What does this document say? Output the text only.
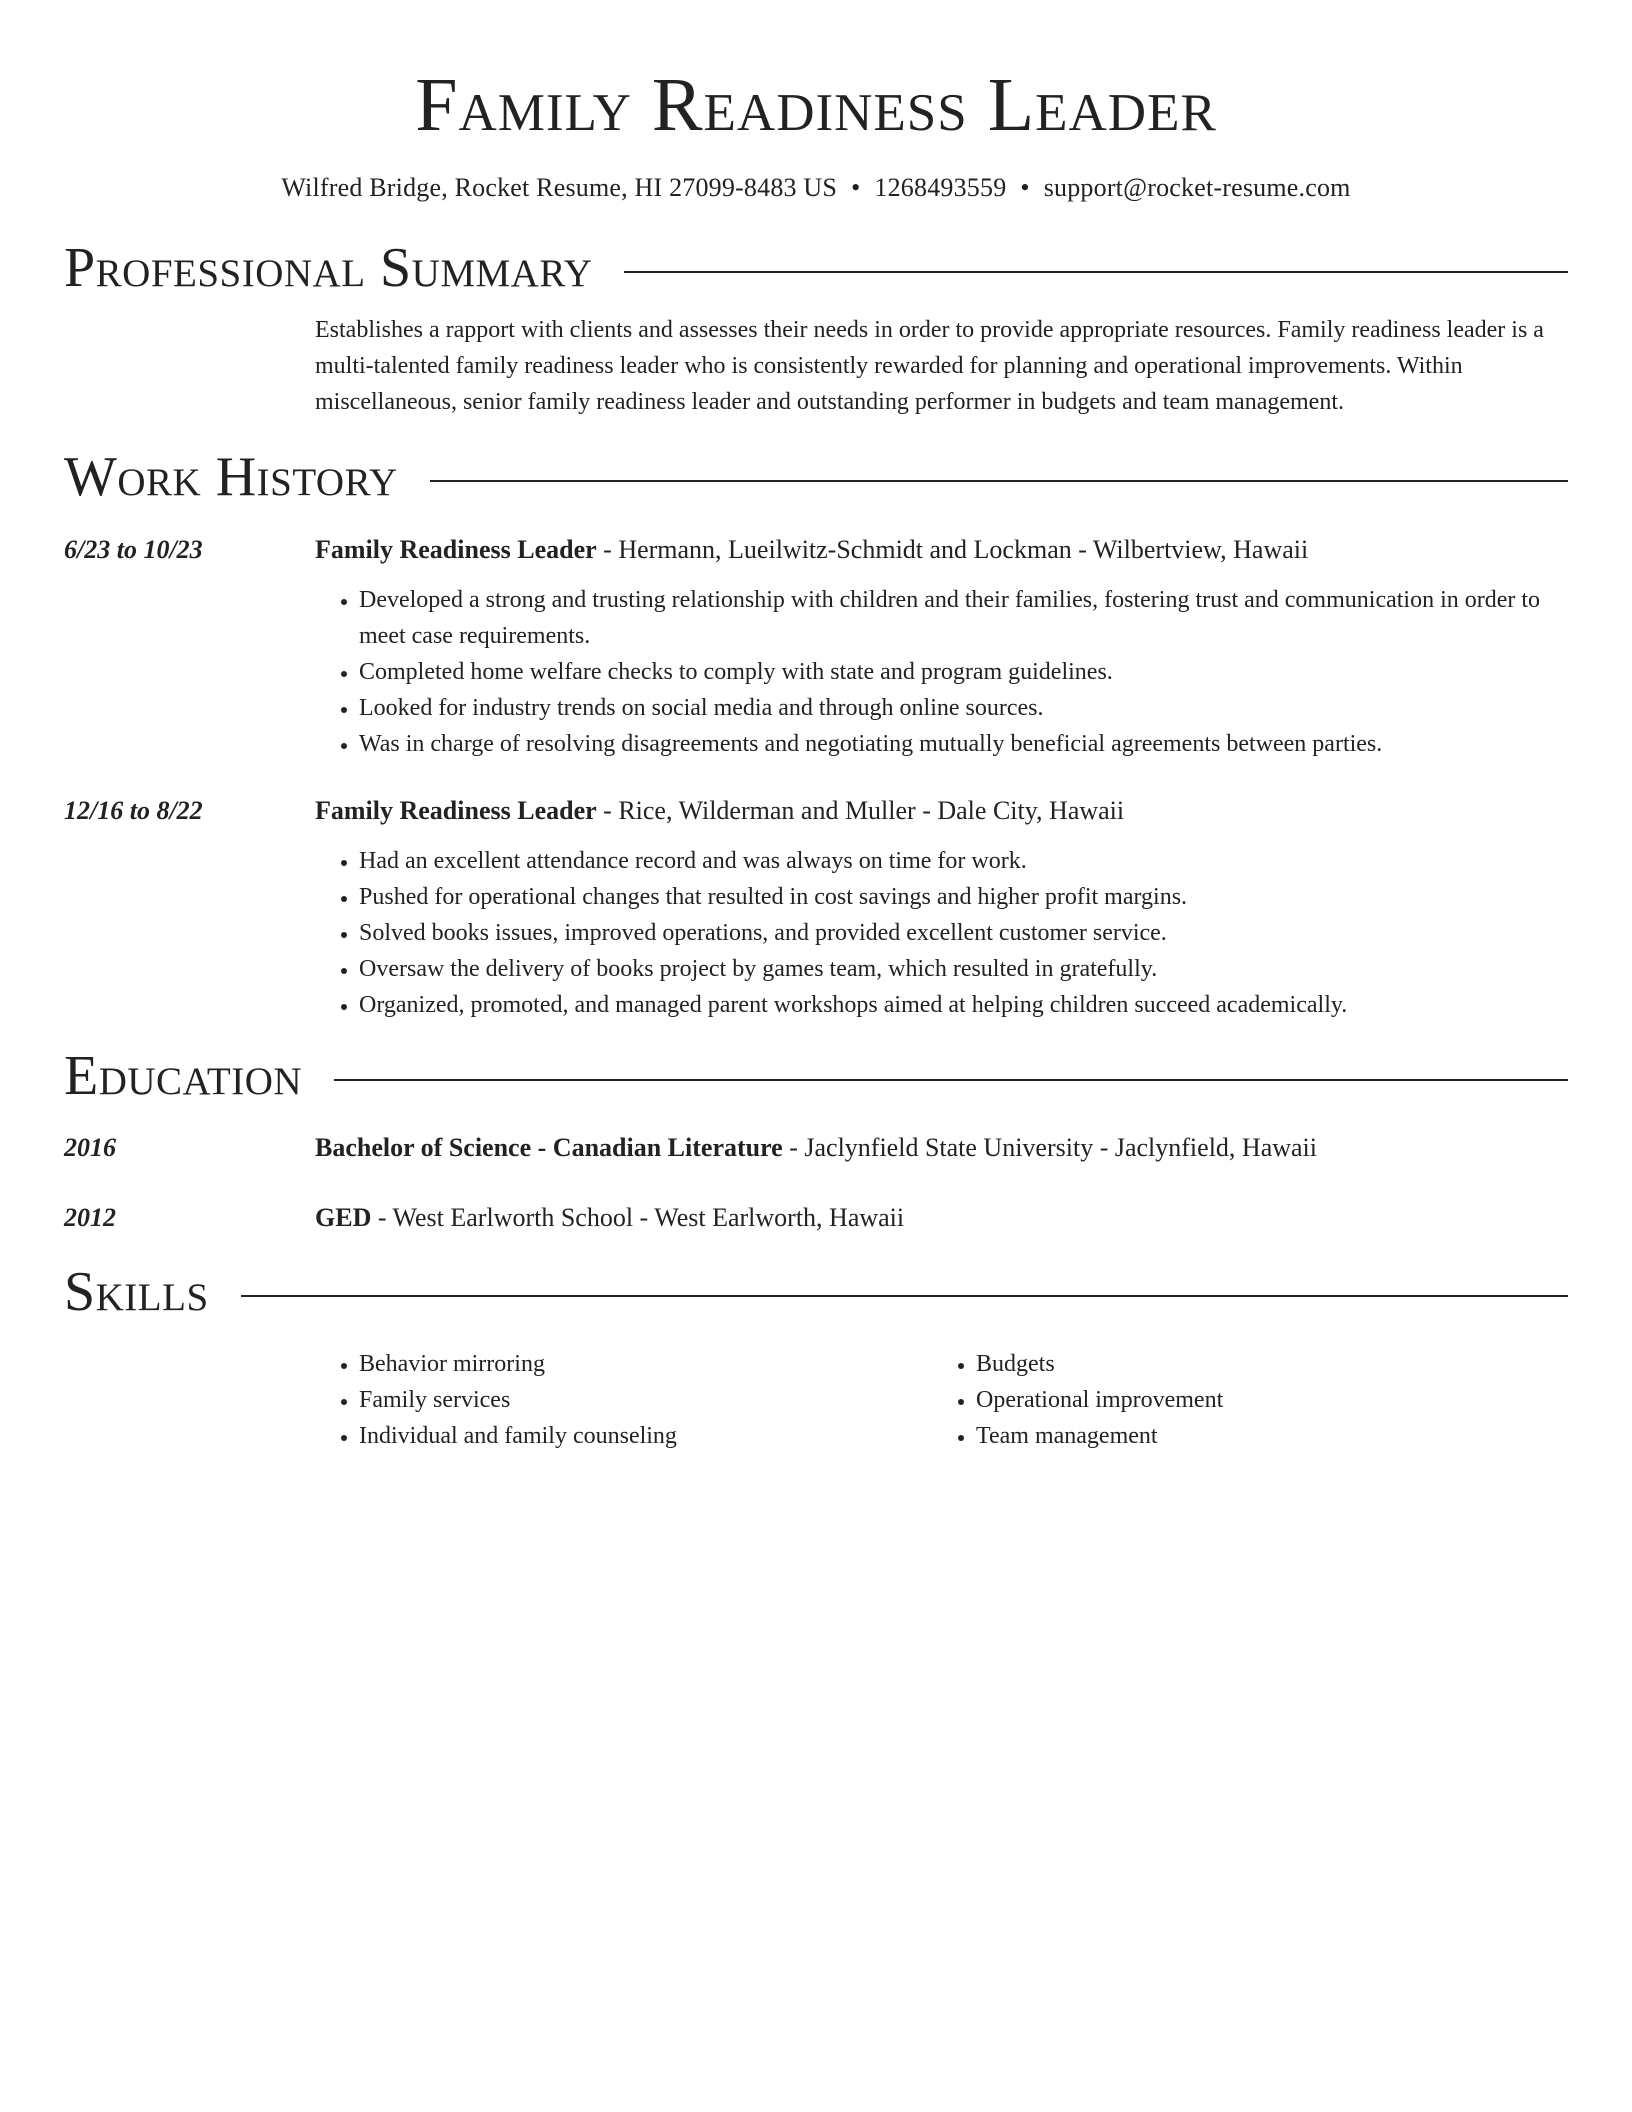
Family Readiness Leader
Wilfred Bridge, Rocket Resume, HI 27099-8483 US • 1268493559 • support@rocket-resume.com
Professional Summary
Establishes a rapport with clients and assesses their needs in order to provide appropriate resources. Family readiness leader is a multi-talented family readiness leader who is consistently rewarded for planning and operational improvements. Within miscellaneous, senior family readiness leader and outstanding performer in budgets and team management.
Work History
6/23 to 10/23	Family Readiness Leader - Hermann, Lueilwitz-Schmidt and Lockman - Wilbertview, Hawaii
• Developed a strong and trusting relationship with children and their families, fostering trust and communication in order to meet case requirements.
• Completed home welfare checks to comply with state and program guidelines.
• Looked for industry trends on social media and through online sources.
• Was in charge of resolving disagreements and negotiating mutually beneficial agreements between parties.
12/16 to 8/22	Family Readiness Leader - Rice, Wilderman and Muller - Dale City, Hawaii
• Had an excellent attendance record and was always on time for work.
• Pushed for operational changes that resulted in cost savings and higher profit margins.
• Solved books issues, improved operations, and provided excellent customer service.
• Oversaw the delivery of books project by games team, which resulted in gratefully.
• Organized, promoted, and managed parent workshops aimed at helping children succeed academically.
Education
2016	Bachelor of Science - Canadian Literature - Jaclynfield State University - Jaclynfield, Hawaii
2012	GED - West Earlworth School - West Earlworth, Hawaii
Skills
• Behavior mirroring
• Family services
• Individual and family counseling
• Budgets
• Operational improvement
• Team management
